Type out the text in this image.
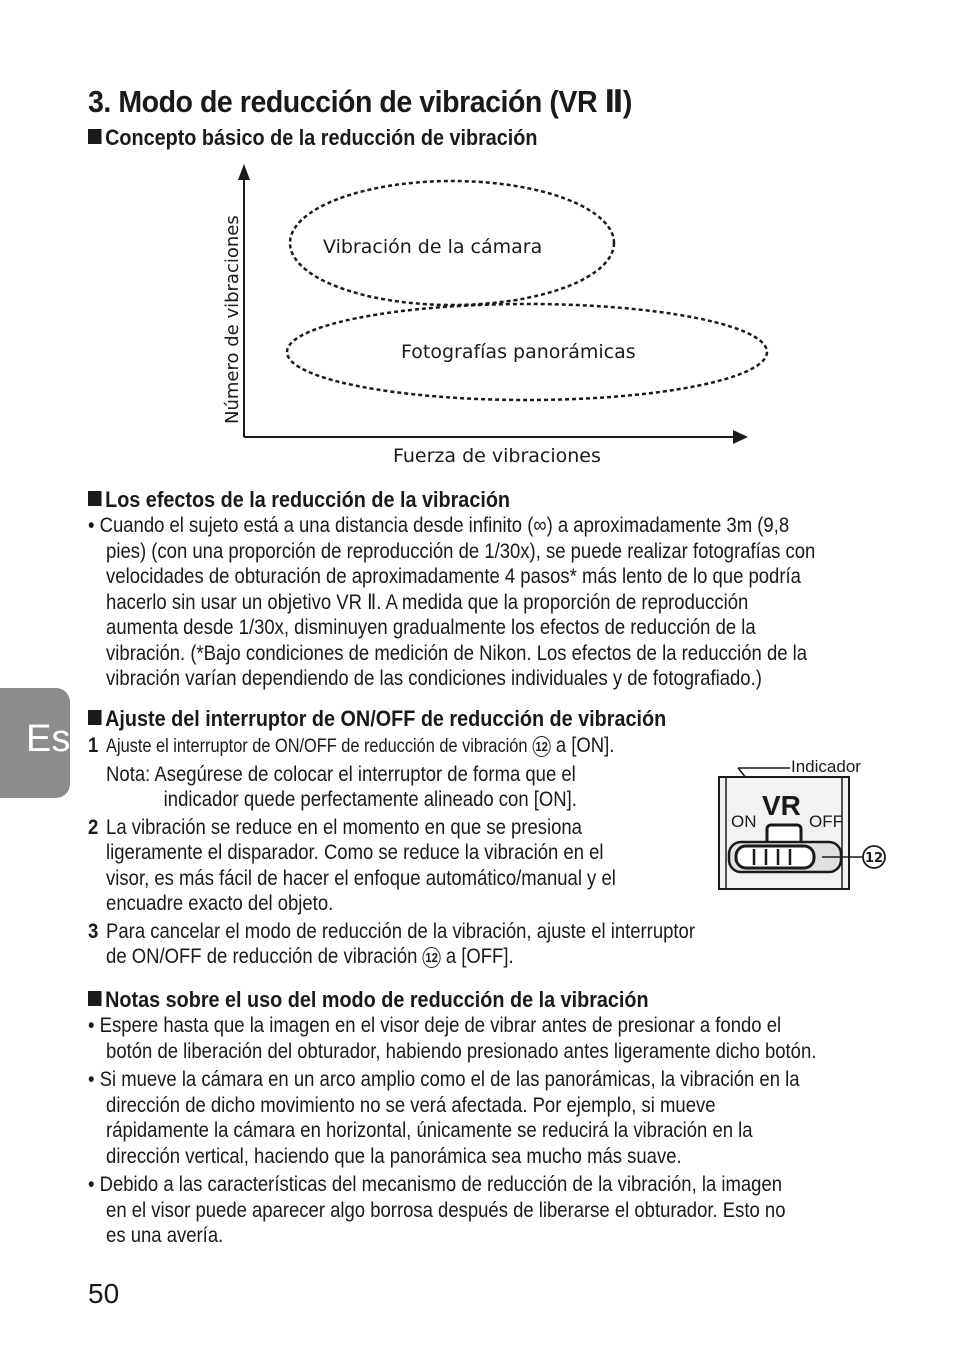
3. Modo de reducción de vibración (VR Ⅱ)
Concepto básico de la reducción de vibración
Vibración de la cámara
Fotografías panorámicas
Fuerza de vibraciones
Número de vibraciones
Los efectos de la reducción de la vibración
• Cuando el sujeto está a una distancia desde infinito (∞) a aproximadamente 3m (9,8
pies) (con una proporción de reproducción de 1/30x), se puede realizar fotografías con
velocidades de obturación de aproximadamente 4 pasos* más lento de lo que podría
hacerlo sin usar un objetivo VR Ⅱ. A medida que la proporción de reproducción
aumenta desde 1/30x, disminuyen gradualmente los efectos de reducción de la
vibración. (*Bajo condiciones de medición de Nikon. Los efectos de la reducción de la
vibración varían dependiendo de las condiciones individuales y de fotografiado.)
Es	Ajuste del interruptor de ON/OFF de reducción de vibración
1 Ajuste el interruptor de ON/OFF de reducción de vibración 12 a [ON].
Nota: Asegúrese de colocar el interruptor de forma que el
indicador quede perfectamente alineado con [ON].
2 La vibración se reduce en el momento en que se presiona
ligeramente el disparador. Como se reduce la vibración en el
visor, es más fácil de hacer el enfoque automático/manual y el
encuadre exacto del objeto.
3 Para cancelar el modo de reducción de la vibración, ajuste el interruptor
de ON/OFF de reducción de vibración 12 a [OFF].
Indicador
VR
ON	OFF
12
Notas sobre el uso del modo de reducción de la vibración
• Espere hasta que la imagen en el visor deje de vibrar antes de presionar a fondo el
botón de liberación del obturador, habiendo presionado antes ligeramente dicho botón.
• Si mueve la cámara en un arco amplio como el de las panorámicas, la vibración en la
dirección de dicho movimiento no se verá afectada. Por ejemplo, si mueve
rápidamente la cámara en horizontal, únicamente se reducirá la vibración en la
dirección vertical, haciendo que la panorámica sea mucho más suave.
• Debido a las características del mecanismo de reducción de la vibración, la imagen
en el visor puede aparecer algo borrosa después de liberarse el obturador. Esto no
es una avería.
50
